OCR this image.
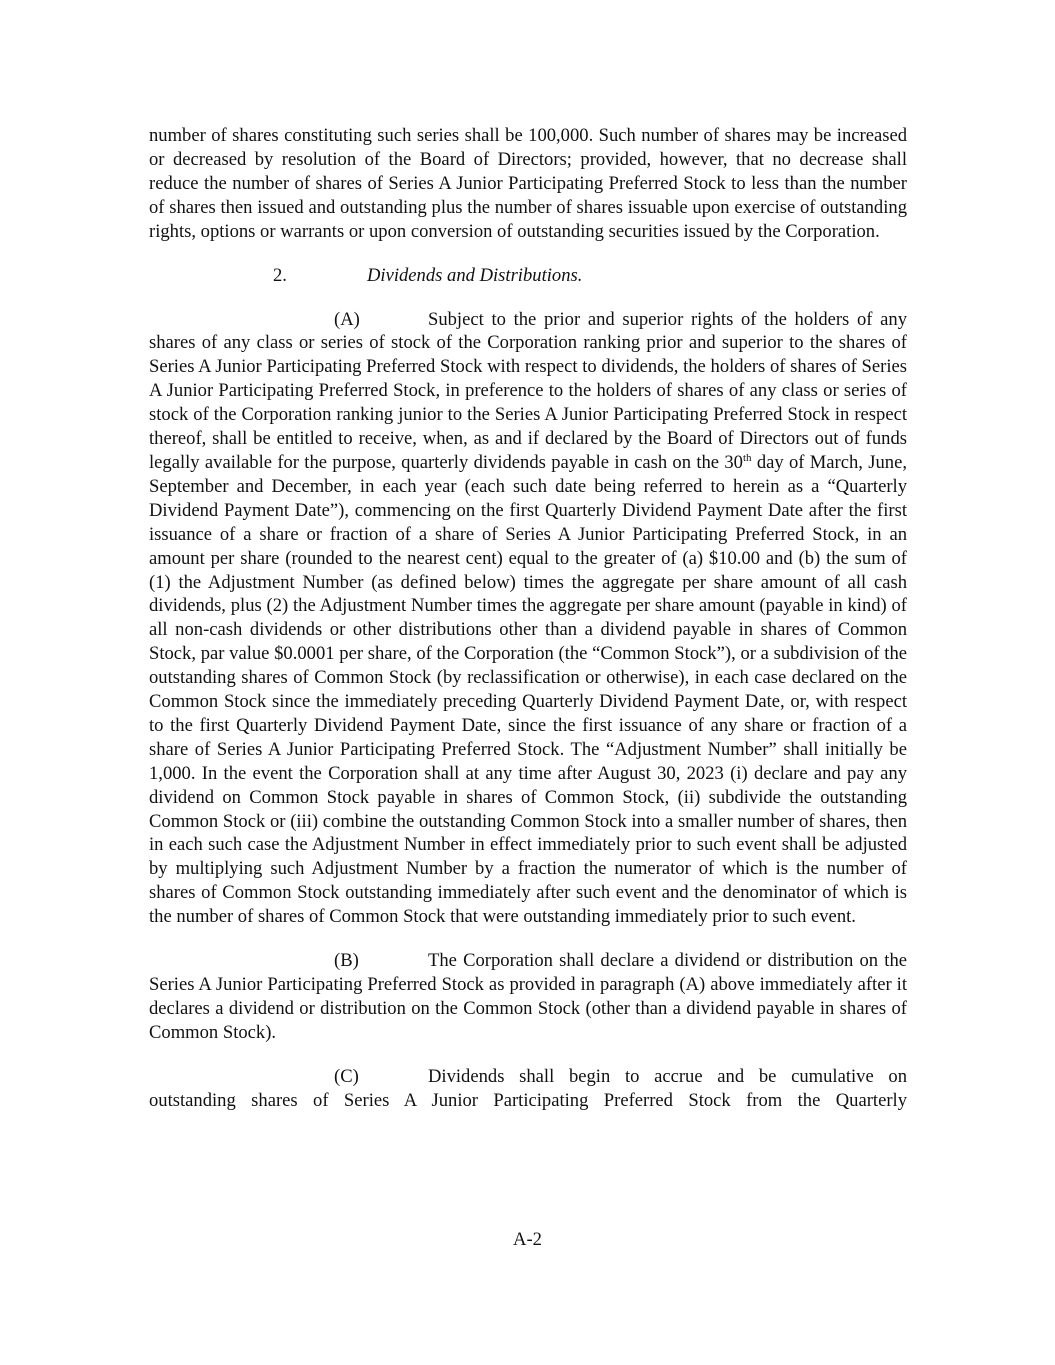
number of shares constituting such series shall be 100,000. Such number of shares may be increased or decreased by resolution of the Board of Directors; provided, however, that no decrease shall reduce the number of shares of Series A Junior Participating Preferred Stock to less than the number of shares then issued and outstanding plus the number of shares issuable upon exercise of outstanding rights, options or warrants or upon conversion of outstanding securities issued by the Corporation.

2.	Dividends and Distributions.

(A)	Subject to the prior and superior rights of the holders of any shares of any class or series of stock of the Corporation ranking prior and superior to the shares of Series A Junior Participating Preferred Stock with respect to dividends, the holders of shares of Series A Junior Participating Preferred Stock, in preference to the holders of shares of any class or series of stock of the Corporation ranking junior to the Series A Junior Participating Preferred Stock in respect thereof, shall be entitled to receive, when, as and if declared by the Board of Directors out of funds legally available for the purpose, quarterly dividends payable in cash on the 30th day of March, June, September and December, in each year (each such date being referred to herein as a “Quarterly Dividend Payment Date”), commencing on the first Quarterly Dividend Payment Date after the first issuance of a share or fraction of a share of Series A Junior Participating Preferred Stock, in an amount per share (rounded to the nearest cent) equal to the greater of (a) $10.00 and (b) the sum of (1) the Adjustment Number (as defined below) times the aggregate per share amount of all cash dividends, plus (2) the Adjustment Number times the aggregate per share amount (payable in kind) of all non-cash dividends or other distributions other than a dividend payable in shares of Common Stock, par value $0.0001 per share, of the Corporation (the “Common Stock”), or a subdivision of the outstanding shares of Common Stock (by reclassification or otherwise), in each case declared on the Common Stock since the immediately preceding Quarterly Dividend Payment Date, or, with respect to the first Quarterly Dividend Payment Date, since the first issuance of any share or fraction of a share of Series A Junior Participating Preferred Stock. The “Adjustment Number” shall initially be 1,000. In the event the Corporation shall at any time after August 30, 2023 (i) declare and pay any dividend on Common Stock payable in shares of Common Stock, (ii) subdivide the outstanding Common Stock or (iii) combine the outstanding Common Stock into a smaller number of shares, then in each such case the Adjustment Number in effect immediately prior to such event shall be adjusted by multiplying such Adjustment Number by a fraction the numerator of which is the number of shares of Common Stock outstanding immediately after such event and the denominator of which is the number of shares of Common Stock that were outstanding immediately prior to such event.

(B)	The Corporation shall declare a dividend or distribution on the Series A Junior Participating Preferred Stock as provided in paragraph (A) above immediately after it declares a dividend or distribution on the Common Stock (other than a dividend payable in shares of Common Stock).

(C)	Dividends shall begin to accrue and be cumulative on outstanding shares of Series A Junior Participating Preferred Stock from the Quarterly

A-2
